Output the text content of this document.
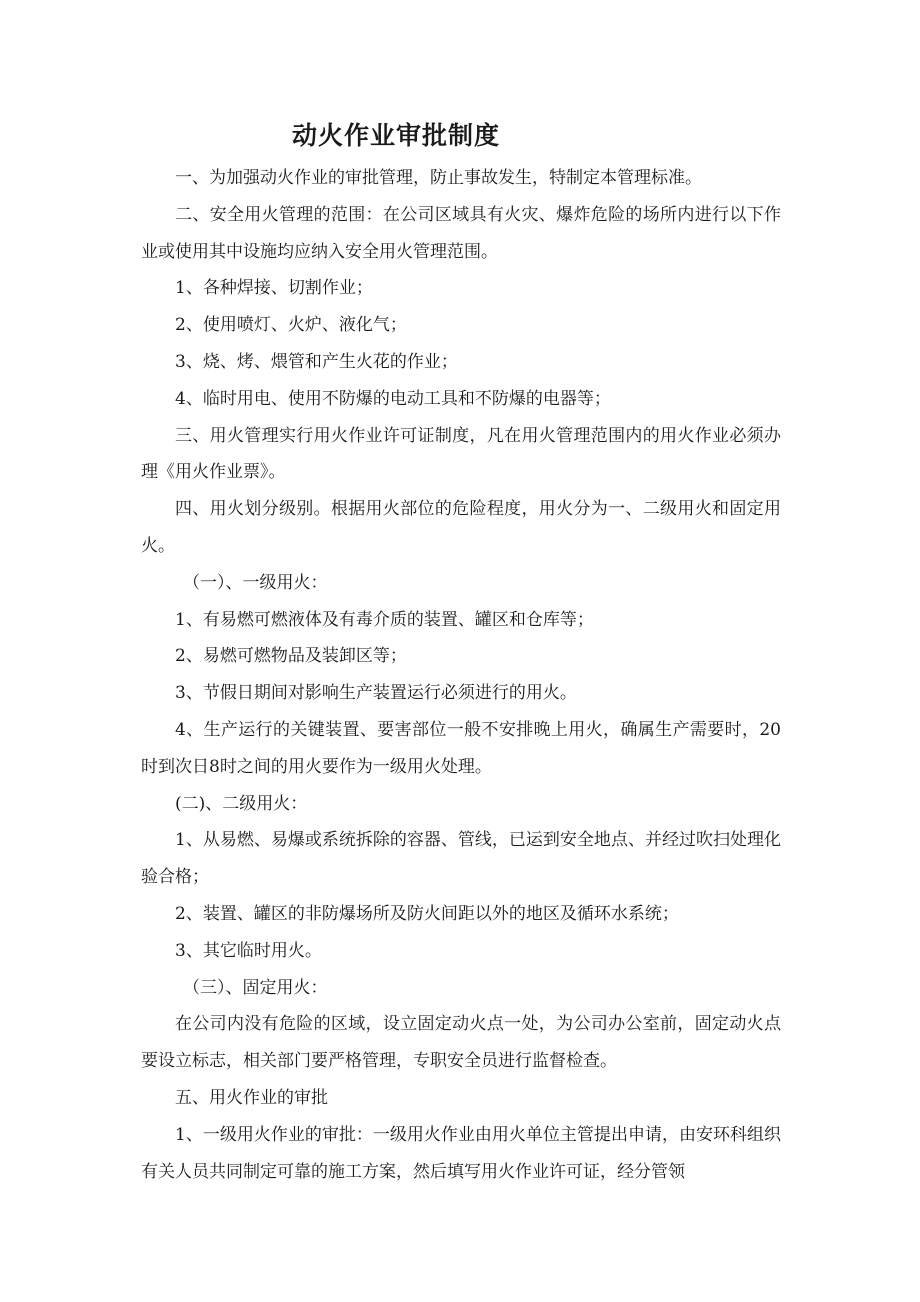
动火作业审批制度

一、为加强动火作业的审批管理，防止事故发生，特制定本管理标准。

二、安全用火管理的范围：在公司区域具有火灾、爆炸危险的场所内进行以下作业或使用其中设施均应纳入安全用火管理范围。

1、各种焊接、切割作业；

2、使用喷灯、火炉、液化气；

3、烧、烤、煨管和产生火花的作业；

4、临时用电、使用不防爆的电动工具和不防爆的电器等；

三、用火管理实行用火作业许可证制度，凡在用火管理范围内的用火作业必须办理《用火作业票》。

四、用火划分级别。根据用火部位的危险程度，用火分为一、二级用火和固定用火。

（一）、一级用火：

1、有易燃可燃液体及有毒介质的装置、罐区和仓库等；

2、易燃可燃物品及装卸区等；

3、节假日期间对影响生产装置运行必须进行的用火。

4、生产运行的关键装置、要害部位一般不安排晚上用火，确属生产需要时，20时到次日8时之间的用火要作为一级用火处理。

(二)、二级用火：

1、从易燃、易爆或系统拆除的容器、管线，已运到安全地点、并经过吹扫处理化验合格；

2、装置、罐区的非防爆场所及防火间距以外的地区及循环水系统；

3、其它临时用火。

（三）、固定用火：

在公司内没有危险的区域，设立固定动火点一处，为公司办公室前，固定动火点要设立标志，相关部门要严格管理，专职安全员进行监督检查。

五、用火作业的审批

1、一级用火作业的审批：一级用火作业由用火单位主管提出申请，由安环科组织有关人员共同制定可靠的施工方案，然后填写用火作业许可证，经分管领
